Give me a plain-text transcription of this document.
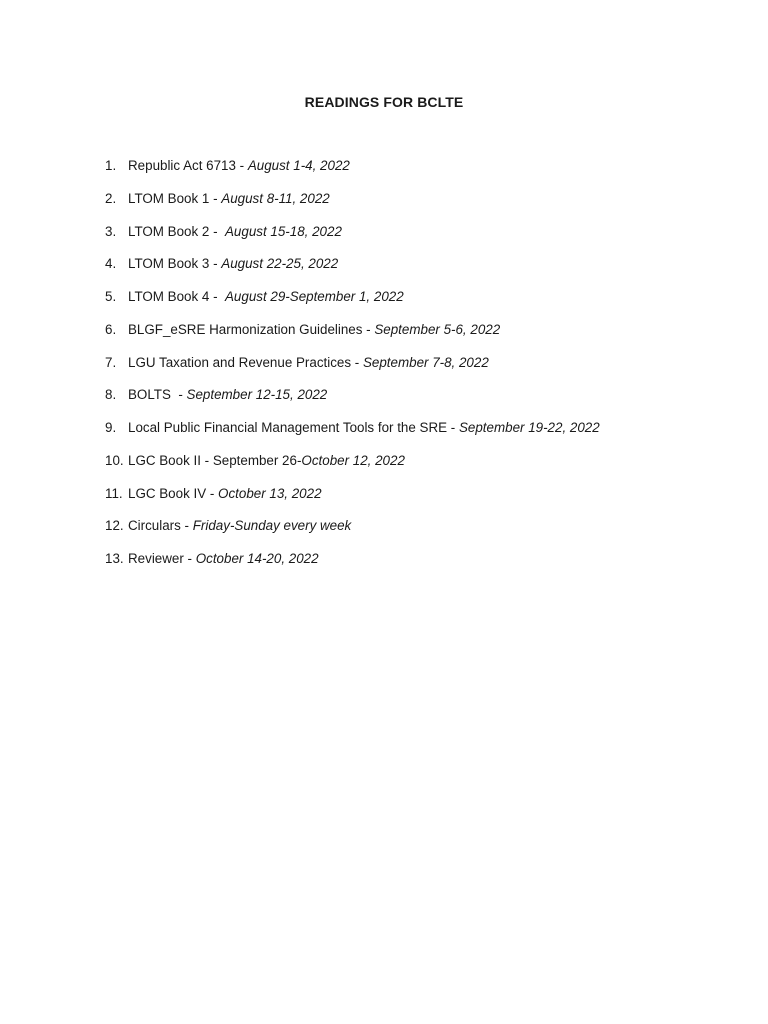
READINGS FOR BCLTE
1. Republic Act 6713 - August 1-4, 2022
2. LTOM Book 1 - August 8-11, 2022
3. LTOM Book 2 -  August 15-18, 2022
4. LTOM Book 3 - August 22-25, 2022
5. LTOM Book 4 -  August 29-September 1, 2022
6. BLGF_eSRE Harmonization Guidelines - September 5-6, 2022
7. LGU Taxation and Revenue Practices - September 7-8, 2022
8. BOLTS  - September 12-15, 2022
9. Local Public Financial Management Tools for the SRE - September 19-22, 2022
10. LGC Book II - September 26-October 12, 2022
11. LGC Book IV - October 13, 2022
12. Circulars - Friday-Sunday every week
13. Reviewer - October 14-20, 2022
